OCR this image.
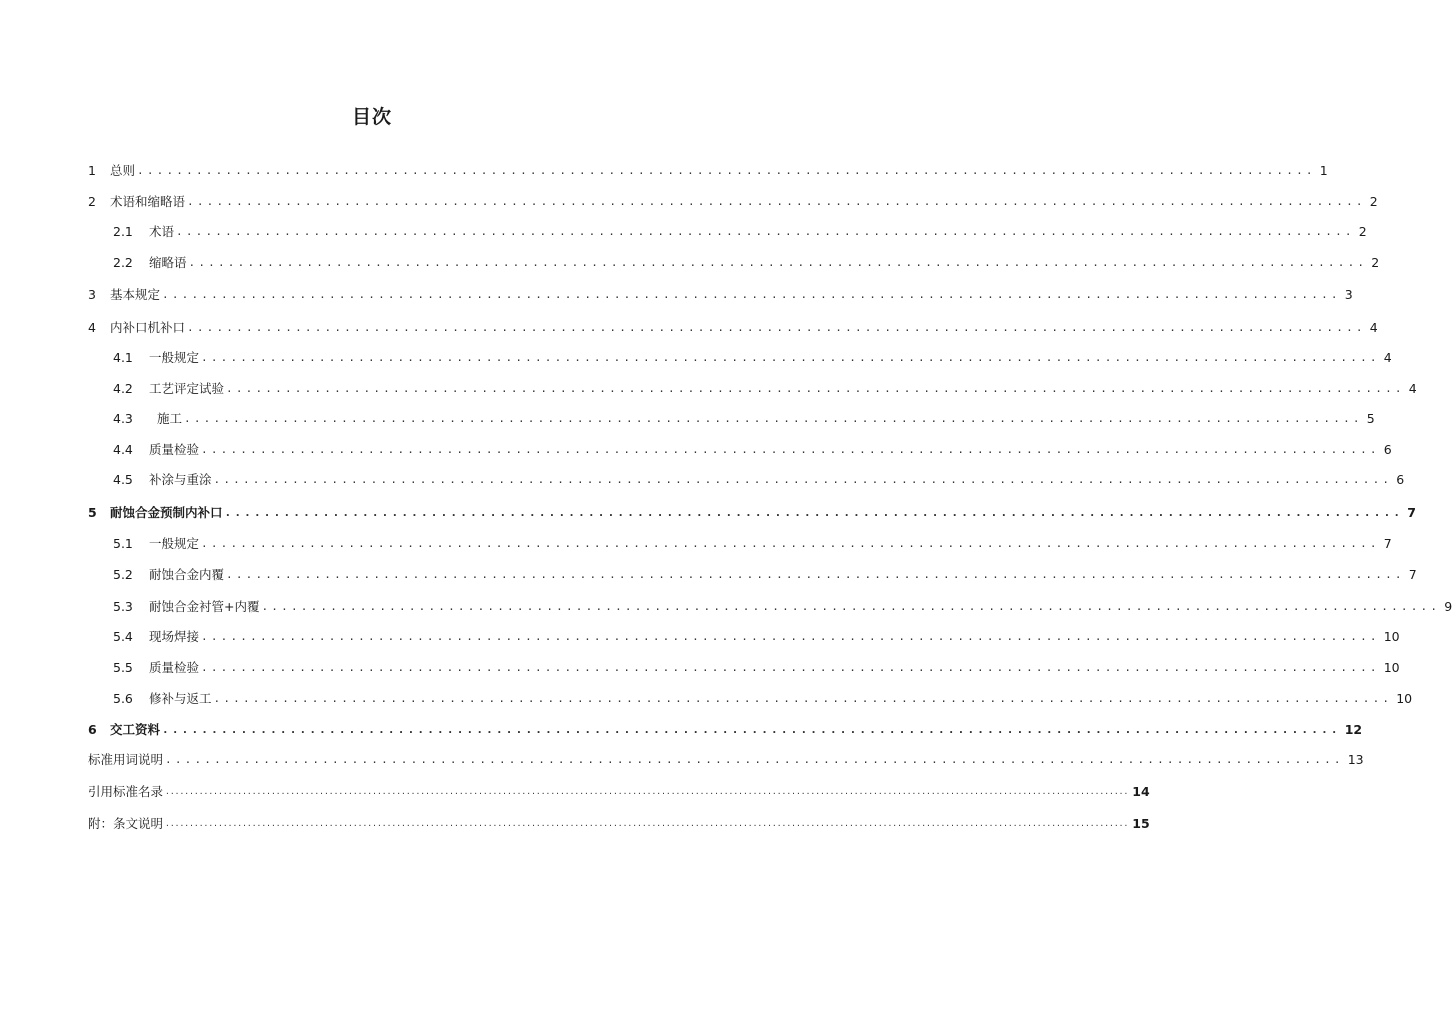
目次
1	总则 ........................................................................................................................ 1
2	术语和缩略语 ........................................................................................................................ 2
2.1	术语 ........................................................................................................................ 2
2.2	缩略语 ........................................................................................................................ 2
3	基本规定 ........................................................................................................................ 3
4	内补口机补口 ........................................................................................................................ 4
4.1	一般规定 ........................................................................................................................ 4
4.2	工艺评定试验 ........................................................................................................................ 4
4.3	施工 ........................................................................................................................ 5
4.4	质量检验 ........................................................................................................................ 6
4.5	补涂与重涂 ........................................................................................................................ 6
5	耐蚀合金预制内补口 ........................................................................................................................ 7
5.1	一般规定 ........................................................................................................................ 7
5.2	耐蚀合金内覆 ........................................................................................................................ 7
5.3	耐蚀合金衬管+内覆 ........................................................................................................................ 9
5.4	现场焊接 ........................................................................................................................ 10
5.5	质量检验 ........................................................................................................................ 10
5.6	修补与返工 ........................................................................................................................ 10
6	交工资料 ........................................................................................................................ 12
标准用词说明 ........................................................................................................................ 13
引用标准名录 ........................................................................................................................................................................................................ 14
附：条文说明 ........................................................................................................................................................................................................ 15
